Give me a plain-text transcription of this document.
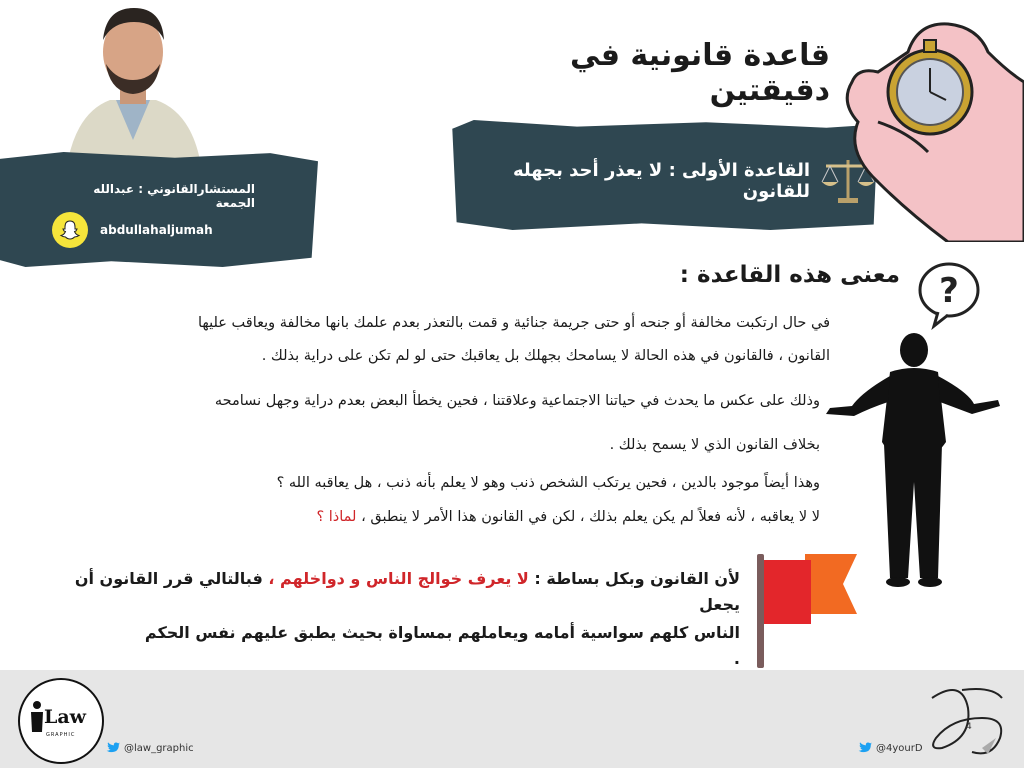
المستشارالقانوني : عبدالله الجمعة
abdullahaljumah
قاعدة قانونية في دقيقتين
القاعدة الأولى : لا يعذر أحد بجهله للقانون
معنى هذه القاعدة : ?
في حال ارتكبت مخالفة أو جنحه أو حتى جريمة جنائية و قمت بالتعذر بعدم علمك بانها مخالفة ويعاقب عليها
القانون ، فالقانون في هذه الحالة لا يسامحك بجهلك بل يعاقبك حتى لو لم تكن على دراية بذلك .
وذلك على عكس ما يحدث في حياتنا الاجتماعية وعلاقتنا ، فحين يخطأ البعض بعدم دراية وجهل نسامحه
بخلاف القانون الذي لا يسمح بذلك .
وهذا أيضاً موجود بالدين ، فحين يرتكب الشخص ذنب وهو لا يعلم بأنه ذنب ، هل يعاقبه الله ؟
لا لا يعاقبه ، لأنه فعلاً لم يكن يعلم بذلك ، لكن في القانون هذا الأمر لا ينطبق ، لماذا ؟
لأن القانون وبكل بساطة : لا يعرف خوالج الناس و دواخلهم ، فبالتالي قرر القانون أن يجعل
الناس كلهم سواسية أمامه ويعاملهم بمساواة بحيث يطبق عليهم نفس الحكم .
Law
GRAPHIC
@law_graphic	@4yourD
4
